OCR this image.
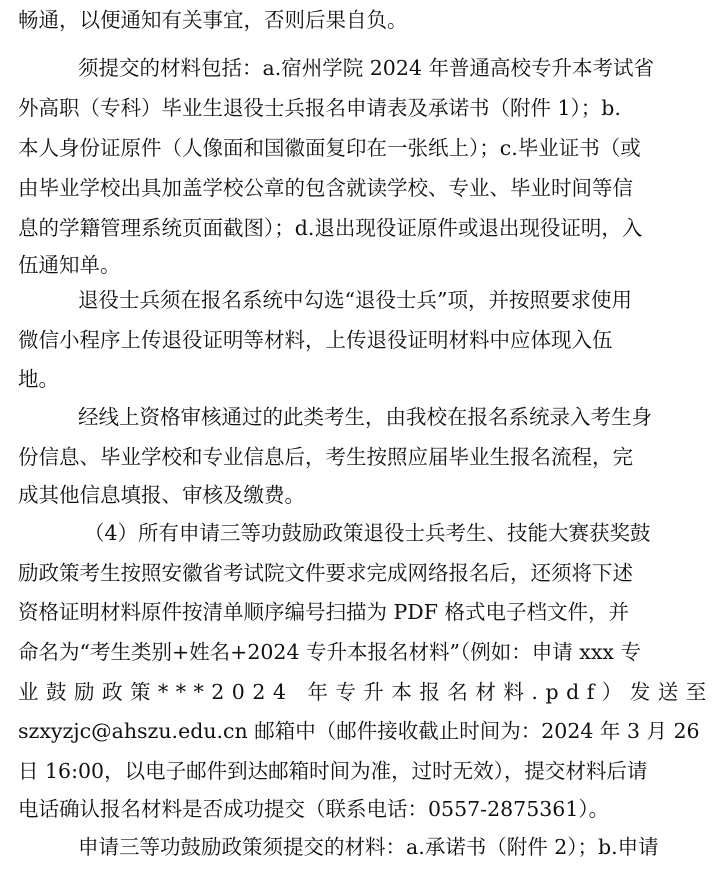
畅通，以便通知有关事宜，否则后果自负。
须提交的材料包括：a.宿州学院 2024 年普通高校专升本考试省
外高职（专科）毕业生退役士兵报名申请表及承诺书（附件 1）；b.
本人身份证原件（人像面和国徽面复印在一张纸上）；c.毕业证书（或
由毕业学校出具加盖学校公章的包含就读学校、专业、毕业时间等信
息的学籍管理系统页面截图）；d.退出现役证原件或退出现役证明，入
伍通知单。
退役士兵须在报名系统中勾选“退役士兵”项，并按照要求使用
微信小程序上传退役证明等材料，上传退役证明材料中应体现入伍
地。
经线上资格审核通过的此类考生，由我校在报名系统录入考生身
份信息、毕业学校和专业信息后，考生按照应届毕业生报名流程，完
成其他信息填报、审核及缴费。
（4）所有申请三等功鼓励政策退役士兵考生、技能大赛获奖鼓
励政策考生按照安徽省考试院文件要求完成网络报名后，还须将下述
资格证明材料原件按清单顺序编号扫描为 PDF 格式电子档文件，并
命名为“考生类别+姓名+2024 专升本报名材料”（例如：申请 xxx 专
业鼓励政策***2024 年专升本报名材料.pdf）发送至
szxyzjc@ahszu.edu.cn 邮箱中（邮件接收截止时间为：2024 年 3 月 26
日 16:00，以电子邮件到达邮箱时间为准，过时无效），提交材料后请
电话确认报名材料是否成功提交（联系电话：0557-2875361）。
申请三等功鼓励政策须提交的材料：a.承诺书（附件 2）；b.申请
